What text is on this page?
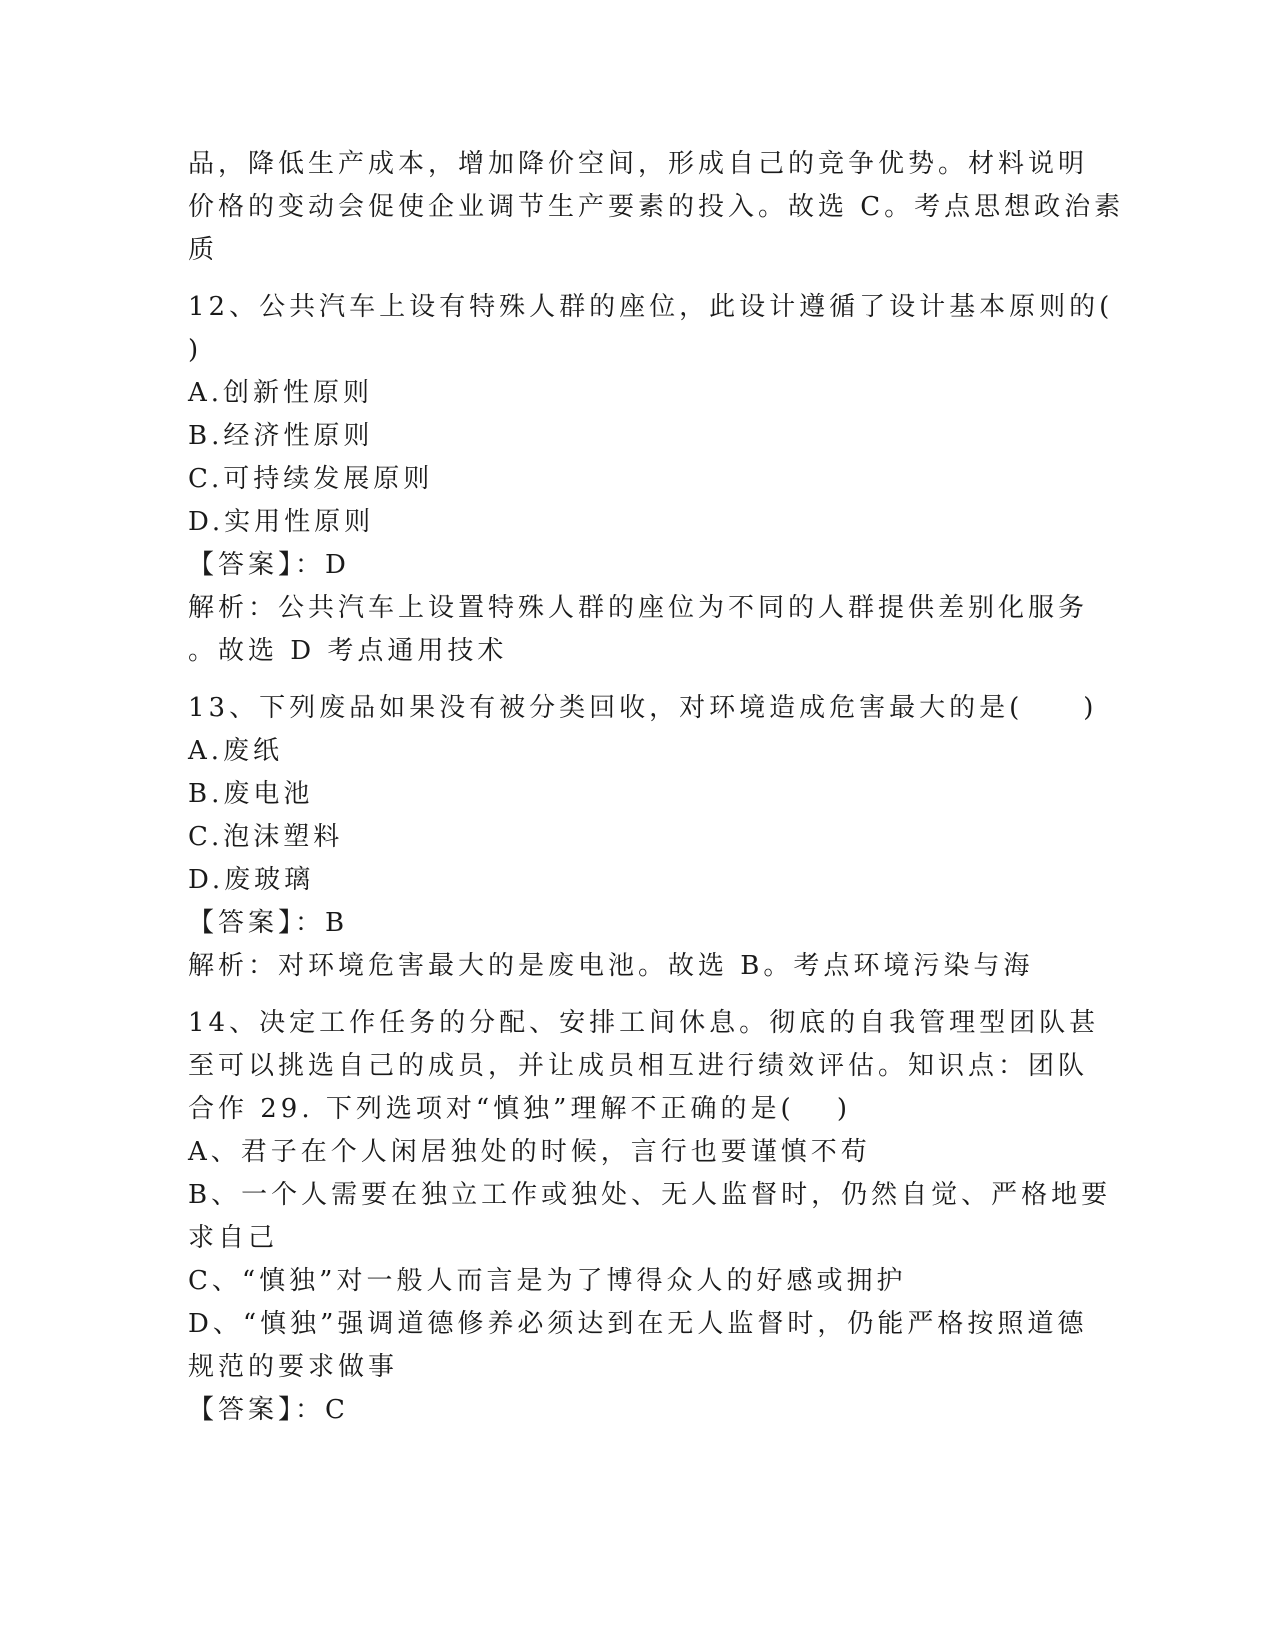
品，降低生产成本，增加降价空间，形成自己的竞争优势。材料说明
价格的变动会促使企业调节生产要素的投入。故选 C。考点思想政治素
质
12、公共汽车上设有特殊人群的座位，此设计遵循了设计基本原则的(
)
A.创新性原则
B.经济性原则
C.可持续发展原则
D.实用性原则
【答案】：D
解析：公共汽车上设置特殊人群的座位为不同的人群提供差别化服务
。故选 D 考点通用技术
13、下列废品如果没有被分类回收，对环境造成危害最大的是(　　)
A.废纸
B.废电池
C.泡沫塑料
D.废玻璃
【答案】：B
解析：对环境危害最大的是废电池。故选 B。考点环境污染与海
14、决定工作任务的分配、安排工间休息。彻底的自我管理型团队甚
至可以挑选自己的成员，并让成员相互进行绩效评估。知识点：团队
合作 29. 下列选项对“慎独”理解不正确的是(　 )
A、君子在个人闲居独处的时候，言行也要谨慎不苟
B、一个人需要在独立工作或独处、无人监督时，仍然自觉、严格地要
求自己
C、“慎独”对一般人而言是为了博得众人的好感或拥护
D、“慎独”强调道德修养必须达到在无人监督时，仍能严格按照道德
规范的要求做事
【答案】：C
